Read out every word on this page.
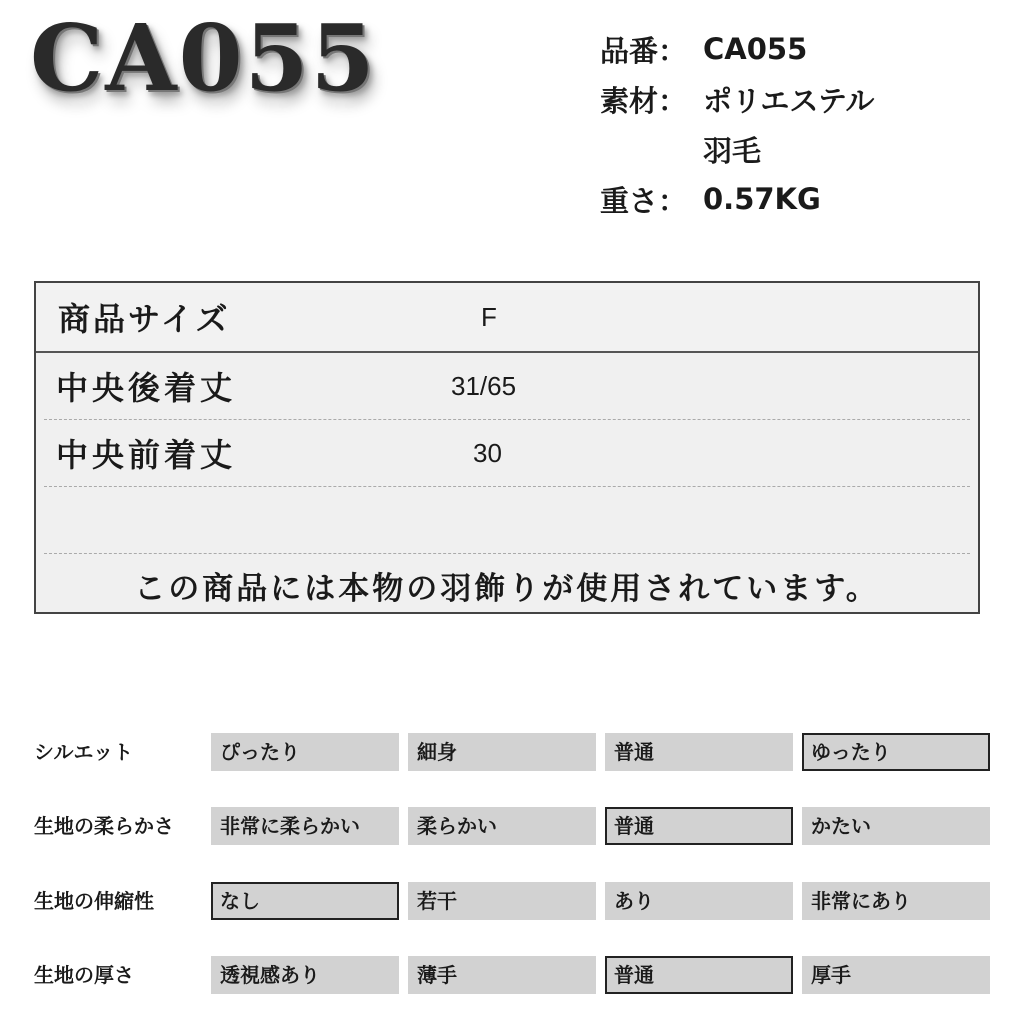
CA055	品番： CA055
素材： ポリエステル
羽毛
重さ： 0.57KG
商品サイズ	F
中央後着丈	31/65
中央前着丈	30
この商品には本物の羽飾りが使用されています。
シルエット	ぴったり	細身	普通	ゆったり
生地の柔らかさ	非常に柔らかい	柔らかい	普通	かたい
生地の伸縮性	なし	若干	あり	非常にあり
生地の厚さ	透視感あり	薄手	普通	厚手
